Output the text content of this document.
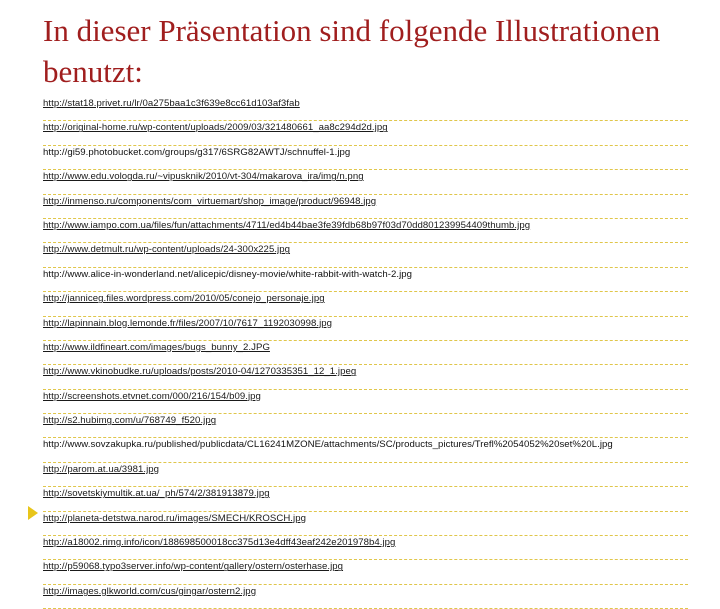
In dieser Präsentation sind folgende Illustrationen benutzt:
http://stat18.privet.ru/lr/0a275baa1c3f639e8cc61d103af3fab
http://original-home.ru/wp-content/uploads/2009/03/321480661_aa8c294d2d.jpg
http://gi59.photobucket.com/groups/g317/6SRG82AWTJ/schnuffel-1.jpg
http://www.edu.vologda.ru/~vipusknik/2010/vt-304/makarova_ira/img/n.png
http://inmenso.ru/components/com_virtuemart/shop_image/product/96948.jpg
http://www.iampo.com.ua/files/fun/attachments/4711/ed4b44bae3fe39fdb68b97f03d70dd801239954409thumb.jpg
http://www.detmult.ru/wp-content/uploads/24-300x225.jpg
http://www.alice-in-wonderland.net/alicepic/disney-movie/white-rabbit-with-watch-2.jpg
http://janniceg.files.wordpress.com/2010/05/conejo_personaje.jpg
http://lapinnain.blog.lemonde.fr/files/2007/10/7617_1192030998.jpg
http://www.ildfineart.com/images/bugs_bunny_2.JPG
http://www.vkinobudke.ru/uploads/posts/2010-04/1270335351_12_1.jpeg
http://screenshots.etvnet.com/000/216/154/b09.jpg
http://s2.hubimg.com/u/768749_f520.jpg
http://www.sovzakupka.ru/published/publicdata/CL16241MZONE/attachments/SC/products_pictures/Trefl%2054052%20set%20L.jpg
http://parom.at.ua/3981.jpg
http://sovetskiymultik.at.ua/_ph/574/2/381913879.jpg
http://planeta-detstwa.narod.ru/images/SMECH/KROSCH.jpg
http://a18002.rimg.info/icon/188698500018cc375d13e4dff43eaf242e201978b4.jpg
http://p59068.typo3server.info/wp-content/gallery/ostern/osterhase.jpg
http://images.glkworld.com/cus/gingar/ostern2.jpg
